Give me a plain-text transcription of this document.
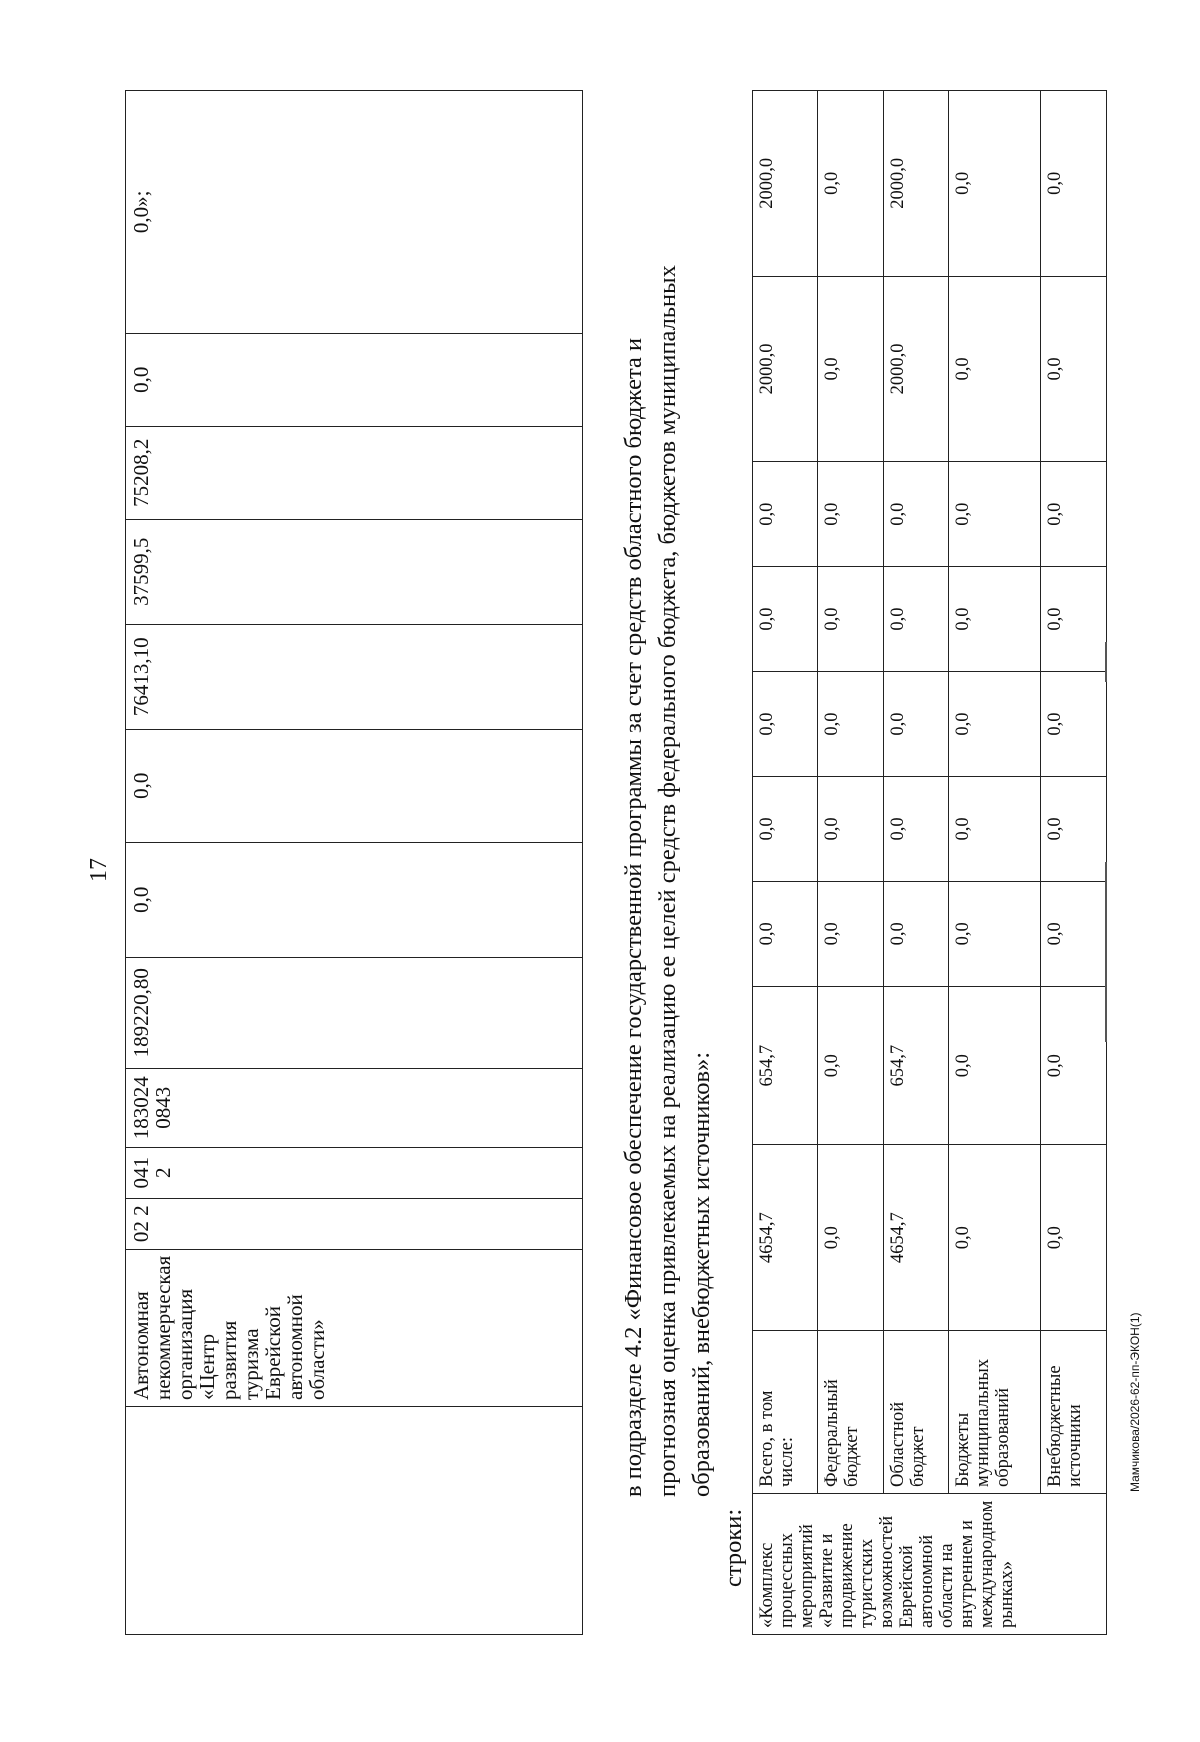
17
	Автономная некоммерческая организация «Центр развития туризма Еврейской автономной области»	02 2	041 2	183024 0843	189220,80	0,0	0,0	76413,10	37599,5	75208,2	0,0	0,0»;
в подразделе 4.2 «Финансовое обеспечение государственной программы за счет средств областного бюджета и прогнозная оценка привлекаемых на реализацию ее целей средств федерального бюджета, бюджетов муниципальных образований, внебюджетных источников»:
строки: «Комплекс процессных мероприятий «Развитие и продвижение туристских возможностей Еврейской автономной области на внутреннем и международном рынках»	Всего, в том числе:	4654,7	654,7	0,0	0,0	0,0	0,0	0,0	2000,0	2000,0
	Федеральный бюджет	0,0	0,0	0,0	0,0	0,0	0,0	0,0	0,0	0,0
	Областной бюджет	4654,7	654,7	0,0	0,0	0,0	0,0	0,0	2000,0	2000,0
	Бюджеты муниципальных образований	0,0	0,0	0,0	0,0	0,0	0,0	0,0	0,0	0,0
	Внебюджетные источники	0,0	0,0	0,0	0,0	0,0	0,0	0,0	0,0	0,0
Мамчикова/2026-62-пп-ЭКОН(1)
